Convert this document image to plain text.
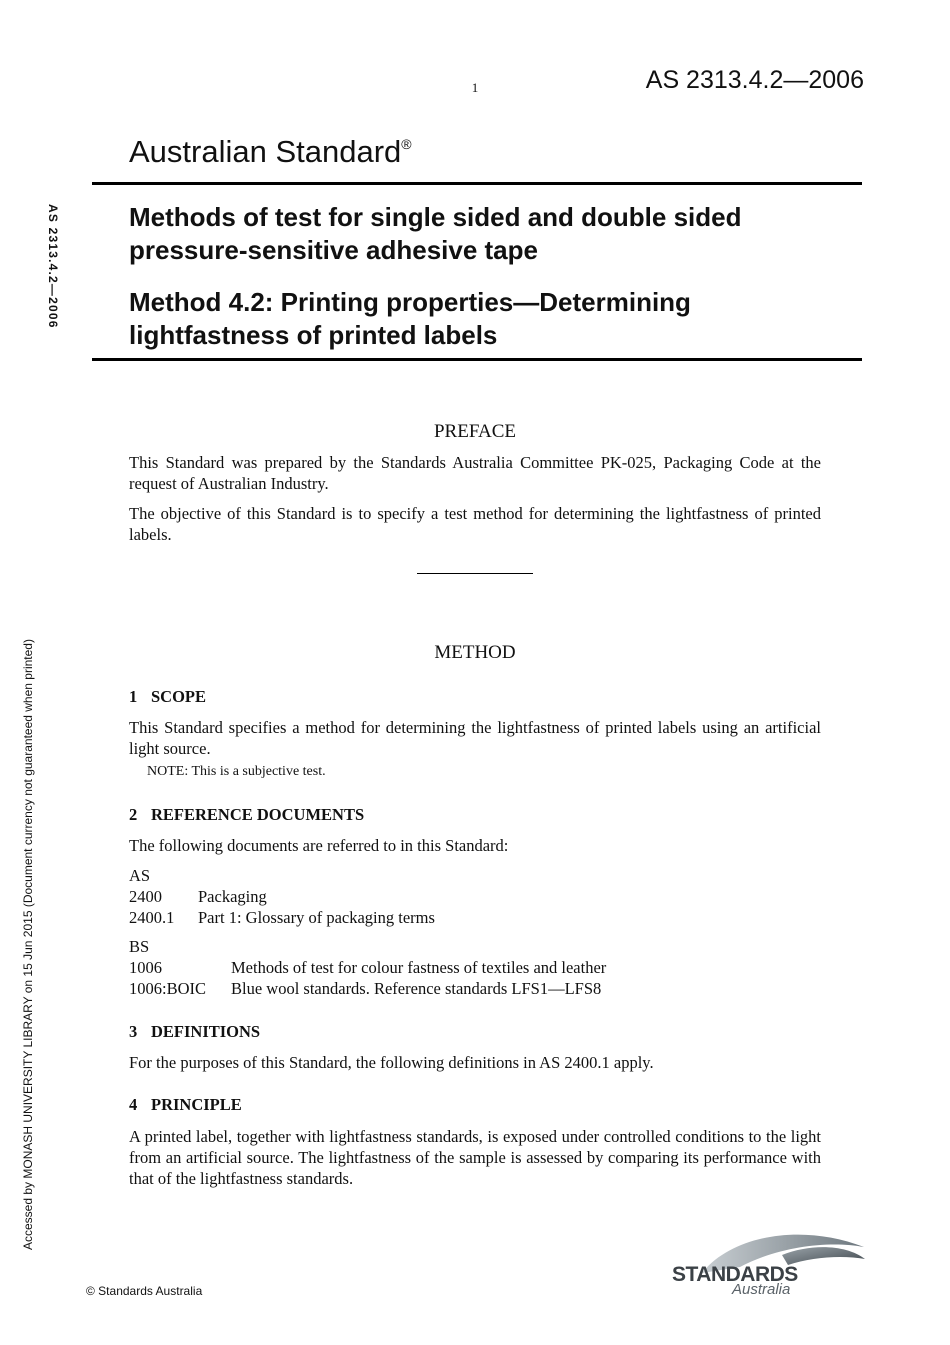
1	AS 2313.4.2—2006
Australian Standard®
AS 2313.4.2—2006
Accessed by MONASH UNIVERSITY LIBRARY on 15 Jun 2015 (Document currency not guaranteed when printed)
Methods of test for single sided and double sided
pressure-sensitive adhesive tape
Method 4.2: Printing properties—Determining
lightfastness of printed labels
PREFACE
This Standard was prepared by the Standards Australia Committee PK-025, Packaging Code at the request of Australian Industry.
The objective of this Standard is to specify a test method for determining the lightfastness of printed labels.
METHOD
1 SCOPE
This Standard specifies a method for determining the lightfastness of printed labels using an artificial light source.
NOTE: This is a subjective test.
2 REFERENCE DOCUMENTS
The following documents are referred to in this Standard:
AS
2400	Packaging
2400.1	Part 1: Glossary of packaging terms
BS
1006	Methods of test for colour fastness of textiles and leather
1006:BOIC	Blue wool standards. Reference standards LFS1—LFS8
3 DEFINITIONS
For the purposes of this Standard, the following definitions in AS 2400.1 apply.
4 PRINCIPLE
A printed label, together with lightfastness standards, is exposed under controlled conditions to the light from an artificial source. The lightfastness of the sample is assessed by comparing its performance with that of the lightfastness standards.
© Standards Australia
STANDARDS
Australia
